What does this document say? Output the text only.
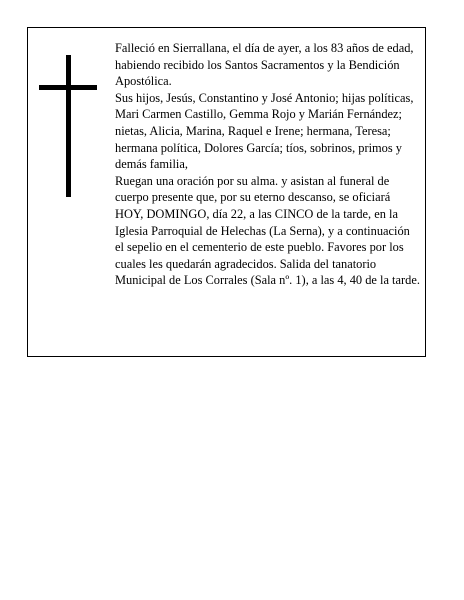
Falleció en Sierrallana, el día de ayer, a los 83 años de edad, habiendo recibido los Santos Sacramentos y la Bendición Apostólica.

Sus hijos, Jesús, Constantino y José Antonio; hijas políticas, Mari Carmen Castillo, Gemma Rojo y Marián Fernández; nietas, Alicia, Marina, Raquel e Irene; hermana, Teresa; hermana política, Dolores García; tíos, sobrinos, primos y demás familia,

Ruegan una oración por su alma. y asistan al funeral de cuerpo presente que, por su eterno descanso, se oficiará HOY, DOMINGO, día 22, a las CINCO de la tarde, en la Iglesia Parroquial de Helechas (La Serna), y a continuación el sepelio en el cementerio de este pueblo. Favores por los cuales les quedarán agradecidos. Salida del tanatorio Municipal de Los Corrales (Sala nº. 1), a las 4, 40 de la tarde.
